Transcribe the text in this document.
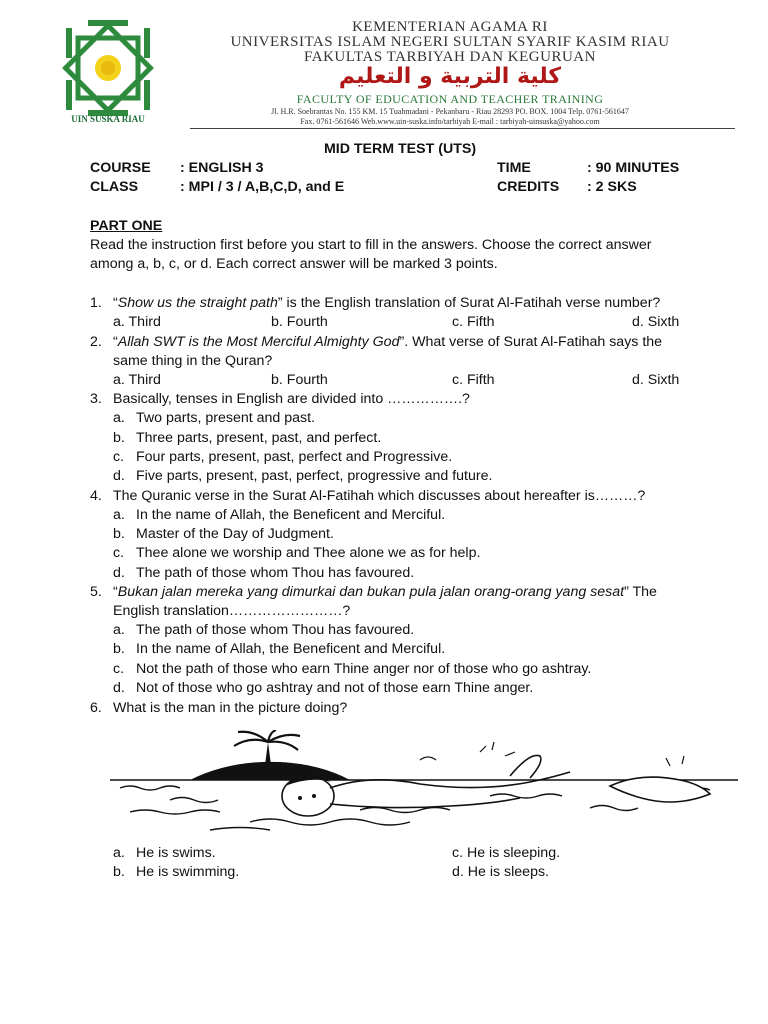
UIN SUSKA RIAU
KEMENTERIAN AGAMA RI
UNIVERSITAS ISLAM NEGERI SULTAN SYARIF KASIM RIAU
FAKULTAS TARBIYAH DAN KEGURUAN
كلية التربية و التعليم
FACULTY OF EDUCATION AND TEACHER TRAINING
Jl. H.R. Soebrantas No. 155 KM. 15 Tuahmadani - Pekanbaru - Riau 28293 PO. BOX. 1004 Telp. 0761-561647
Fax. 0761-561646 Web.www.uin-suska.info/tarbiyah E-mail : tarbiyah-uinsuska@yahoo.com
MID TERM TEST (UTS)
COURSE : ENGLISH 3	TIME	: 90 MINUTES
CLASS	: MPI / 3 / A,B,C,D, and E	CREDITS : 2 SKS
PART ONE
Read the instruction first before you start to fill in the answers. Choose the correct answer
among a, b, c, or d. Each correct answer will be marked 3 points.
1. “Show us the straight path” is the English translation of Surat Al-Fatihah verse number?
a. Third	b. Fourth	c. Fifth	d. Sixth
2. “Allah SWT is the Most Merciful Almighty God”. What verse of Surat Al-Fatihah says the
same thing in the Quran?
a. Third	b. Fourth	c. Fifth	d. Sixth
3. Basically, tenses in English are divided into …………….?
a. Two parts, present and past.
b. Three parts, present, past, and perfect.
c. Four parts, present, past, perfect and Progressive.
d. Five parts, present, past, perfect, progressive and future.
4. The Quranic verse in the Surat Al-Fatihah which discusses about hereafter is………?
a. In the name of Allah, the Beneficent and Merciful.
b. Master of the Day of Judgment.
c. Thee alone we worship and Thee alone we as for help.
d. The path of those whom Thou has favoured.
5. “Bukan jalan mereka yang dimurkai dan bukan pula jalan orang-orang yang sesat” The
English translation……………………?
a. The path of those whom Thou has favoured.
b. In the name of Allah, the Beneficent and Merciful.
c. Not the path of those who earn Thine anger nor of those who go ashtray.
d. Not of those who go ashtray and not of those earn Thine anger.
6. What is the man in the picture doing?
a. He is swims.	c. He is sleeping.
b. He is swimming.	d. He is sleeps.
